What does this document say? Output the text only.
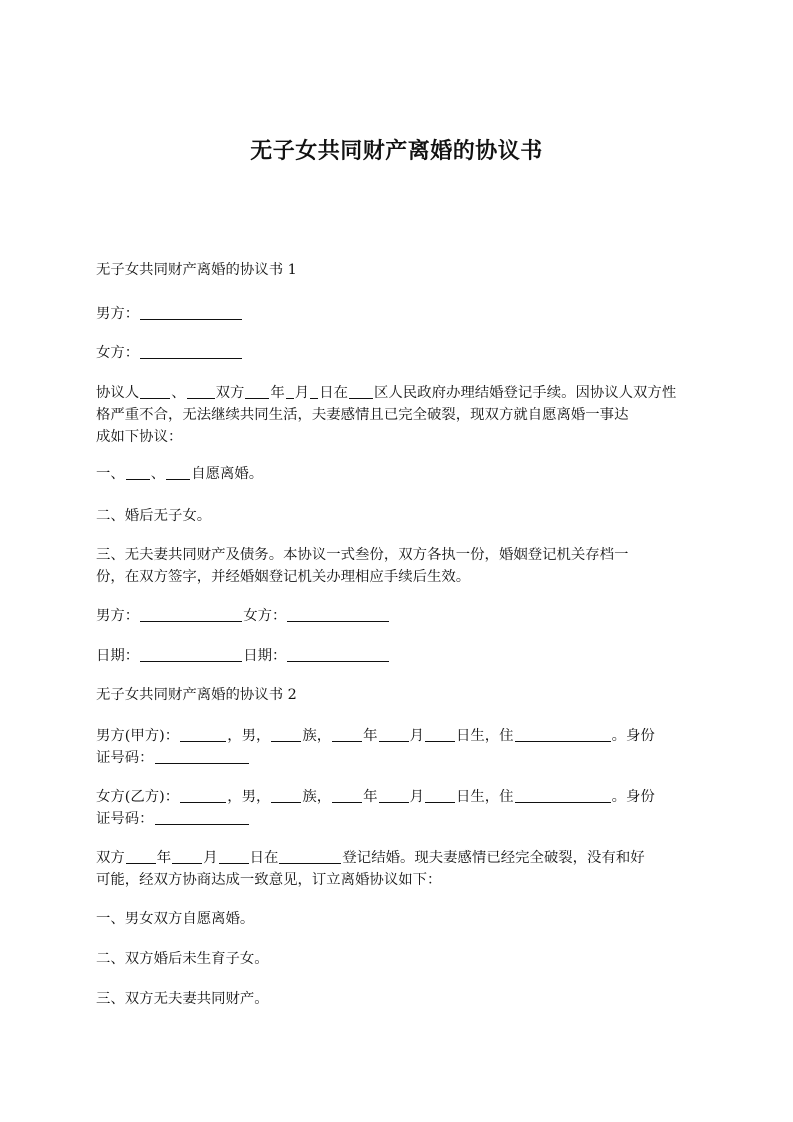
无子女共同财产离婚的协议书
无子女共同财产离婚的协议书 1
男方：
女方：
协议人 、 双方 年 月 日在 区人民政府办理结婚登记手续。因协议人双方性
格严重不合，无法继续共同生活，夫妻感情且已完全破裂，现双方就自愿离婚一事达
成如下协议：
一、 、 自愿离婚。
二、婚后无子女。
三、无夫妻共同财产及债务。本协议一式叁份，双方各执一份，婚姻登记机关存档一
份，在双方签字，并经婚姻登记机关办理相应手续后生效。
男方：	女方：
日期：	日期：
无子女共同财产离婚的协议书 2
男方(甲方)：	，男， 族， 年 月 日生，住	。身份
证号码：
女方(乙方)：	，男， 族， 年 月 日生，住	。身份
证号码：
双方 年 月 日在	登记结婚。现夫妻感情已经完全破裂，没有和好
可能，经双方协商达成一致意见，订立离婚协议如下：
一、男女双方自愿离婚。
二、双方婚后未生育子女。
三、双方无夫妻共同财产。
